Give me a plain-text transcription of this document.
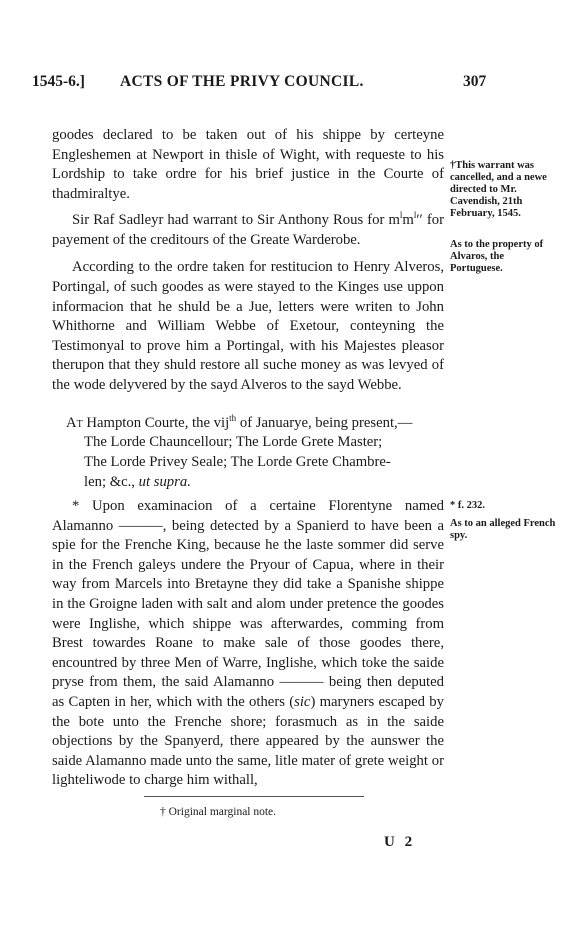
1545-6.] ACTS OF THE PRIVY COUNCIL.	307

goodes declared to be taken out of his shippe by certeyne Engleshemen at Newport in thisle of Wight, with requeste to his Lordship to take ordre for his brief justice in the Courte of thadmiraltye.

Sir Raf Sadleyr had warrant to Sir Anthony Rous for $m^lm^l''$ for payement of the creditours of the Greate Warderobe.

According to the ordre taken for restitucion to Henry Alveros, Portingal, of such goodes as were stayed to the Kinges use uppon informacion that he shuld be a Jue, letters were writen to John Whithorne and William Webbe of Exetour, conteyning the Testimonyal to prove him a Portingal, with his Majestes pleasor therupon that they shuld restore all suche money as was levyed of the wode delyvered by the sayd Alveros to the sayd Webbe.

At Hampton Courte, the vij$^{th}$ of Januarye, being present,—
The Lorde Chauncellour; The Lorde Grete Master;
The Lorde Privey Seale; The Lorde Grete Chambre-
len; &c., ut supra.

* Upon examinacion of a certaine Florentyne named Alamanno ———, being detected by a Spanierd to have been a spie for the Frenche King, because he the laste sommer did serve in the French galeys undere the Pryour of Capua, where in their way from Marcels into Bretayne they did take a Spanishe shippe in the Groigne laden with salt and alom under pretence the goodes were Inglishe, which shippe was afterwardes, comming from Brest towardes Roane to make sale of those goodes there, encountred by three Men of Warre, Inglishe, which toke the saide pryse from them, the said Alamanno ——— being then deputed as Capten in her, which with the others (sic) maryners escaped by the bote unto the Frenche shore; forasmuch as in the saide objections by the Spanyerd, there appeared by the aunswer the saide Alamanno made unto the same, litle mater of grete weight or lighteliwode to charge him withall,

†This warrant was cancelled, and a newe directed to Mr. Cavendish, 21th February, 1545.
As to the property of Alvaros, the Portuguese.
* f. 232.
As to an alleged French spy.
† Original marginal note.
U 2
